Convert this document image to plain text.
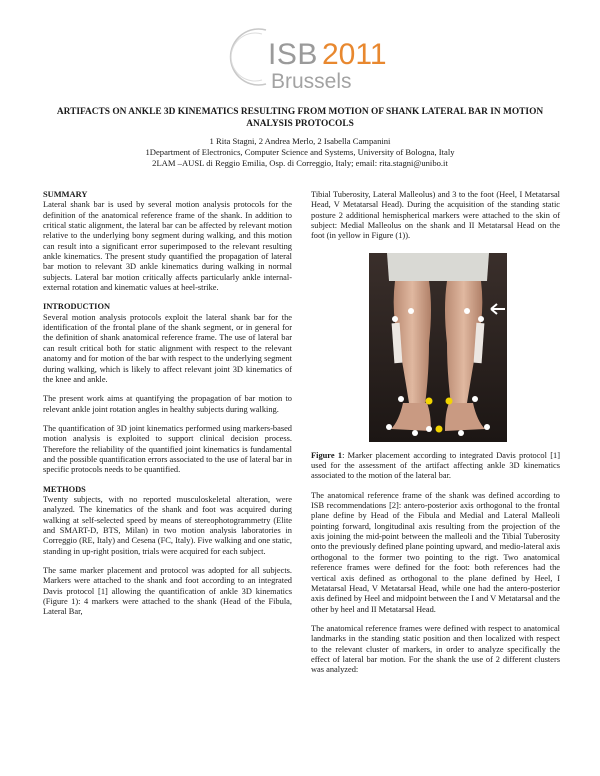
ISB 2011
Brussels
ARTIFACTS ON ANKLE 3D KINEMATICS RESULTING FROM MOTION OF SHANK LATERAL BAR IN MOTION ANALYSIS PROTOCOLS
1 Rita Stagni, 2 Andrea Merlo, 2 Isabella Campanini
1Department of Electronics, Computer Science and Systems, University of Bologna, Italy
2LAM –AUSL di Reggio Emilia, Osp. di Correggio, Italy; email: rita.stagni@unibo.it
SUMMARY

Lateral shank bar is used by several motion analysis protocols for the definition of the anatomical reference frame of the shank. In addition to critical static alignment, the lateral bar can be affected by relevant motion relative to the underlying bony segment during walking, and this motion can result into a significant error superimposed to the relevant resulting ankle kinematics. The present study quantified the propagation of lateral bar motion to relevant 3D ankle kinematics during walking in normal subjects. Lateral bar motion critically affects particularly ankle internal-external rotation and kinematic values at heel-strike.

INTRODUCTION

Several motion analysis protocols exploit the lateral shank bar for the identification of the frontal plane of the shank segment, or in general for the definition of shank anatomical reference frame. The use of lateral bar can result critical both for static alignment with respect to the relevant anatomy and for motion of the bar with respect to the underlying segment during walking, which is likely to affect relevant joint 3D kinematics of the knee and ankle.

The present work aims at quantifying the propagation of bar motion to relevant ankle joint rotation angles in healthy subjects during walking.

The quantification of 3D joint kinematics performed using markers-based motion analysis is exploited to support clinical decision process. Therefore the reliability of the quantified joint kinematics is fundamental and the possible quantification errors associated to the use of lateral bar in specific protocols needs to be quantified.

METHODS

Twenty subjects, with no reported musculoskeletal alteration, were analyzed. The kinematics of the shank and foot was acquired during walking at self-selected speed by means of stereophotogrammetry (Elite and SMART-D, BTS, Milan) in two motion analysis laboratories in Correggio (RE, Italy) and Cesena (FC, Italy). Five walking and one static, standing in up-right position, trials were acquired for each subject.

The same marker placement and protocol was adopted for all subjects. Markers were attached to the shank and foot according to an integrated Davis protocol [1] allowing the quantification of ankle 3D kinematics (Figure 1): 4 markers were attached to the shank (Head of the Fibula, Lateral Bar,

Tibial Tuberosity, Lateral Malleolus) and 3 to the foot (Heel, I Metatarsal Head, V Metatarsal Head). During the acquisition of the standing static posture 2 additional hemispherical markers were attached to the skin of subject: Medial Malleolus on the shank and II Metatarsal Head on the foot (in yellow in Figure (1)).

Figure 1: Marker placement according to integrated Davis protocol [1] used for the assessment of the artifact affecting ankle 3D kinematics associated to the motion of the lateral bar.

The anatomical reference frame of the shank was defined according to ISB recommendations [2]: antero-posterior axis orthogonal to the frontal plane define by Head of the Fibula and Medial and Lateral Malleoli pointing forward, longitudinal axis resulting from the projection of the axis joining the mid-point between the malleoli and the Tibial Tuberosity onto the previously defined plane pointing upward, and medio-lateral axis orthogonal to the former two pointing to the rigt. Two anatomical reference frames were defined for the foot: both references had the vertical axis defined as orthogonal to the plane defined by Heel, I Metatarsal Head, V Metatarsal Head, while one had the antero-posterior axis defined by Heel and midpoint between the I and V Metatarsal and the other by heel and II Metatarsal Head.

The anatomical reference frames were defined with respect to anatomical landmarks in the standing static position and then localized with respect to the relevant cluster of markers, in order to analyze specifically the effect of lateral bar motion. For the shank the use of 2 different clusters was analyzed:
